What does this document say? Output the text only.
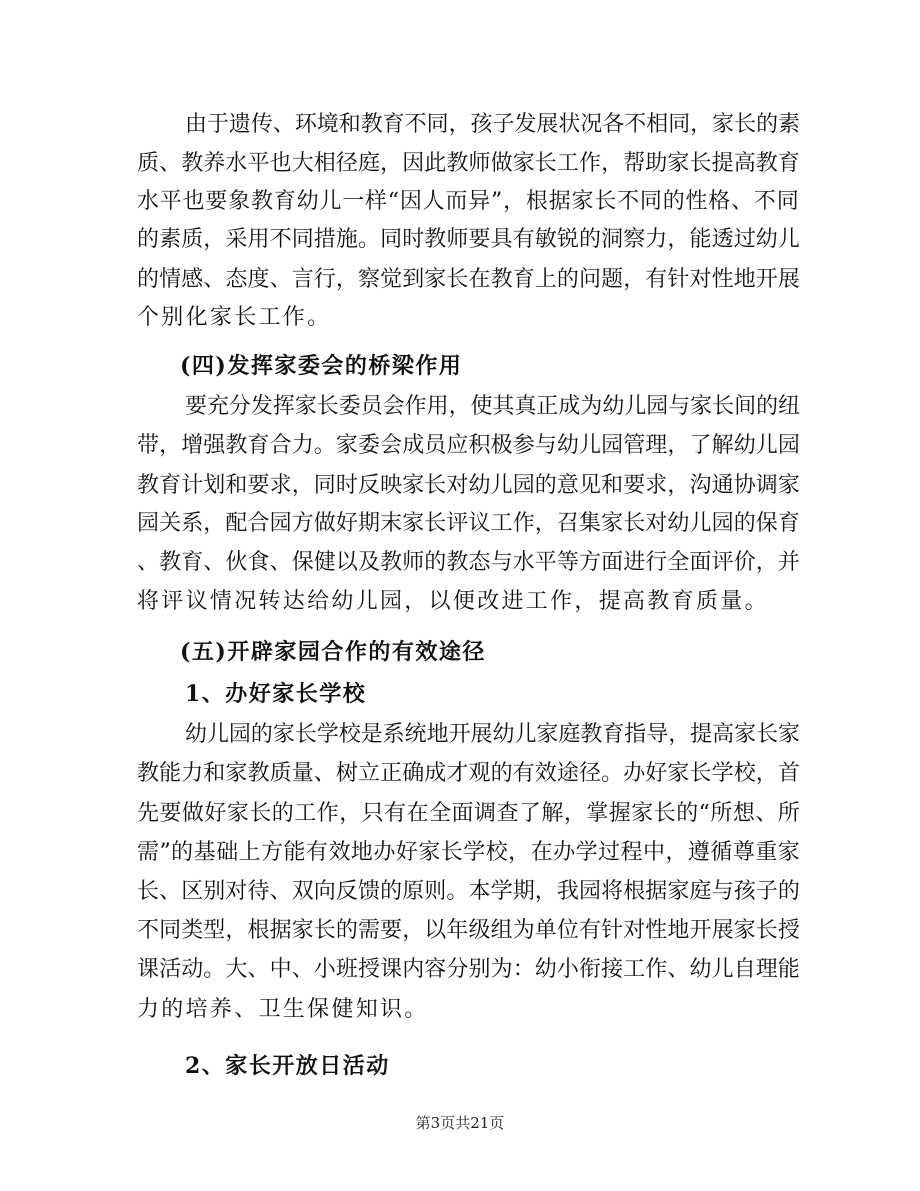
由于遗传、环境和教育不同，孩子发展状况各不相同，家长的素
质、教养水平也大相径庭，因此教师做家长工作，帮助家长提高教育
水平也要象教育幼儿一样“因人而异”，根据家长不同的性格、不同
的素质，采用不同措施。同时教师要具有敏锐的洞察力，能透过幼儿
的情感、态度、言行，察觉到家长在教育上的问题，有针对性地开展
个别化家长工作。
(四)发挥家委会的桥梁作用
要充分发挥家长委员会作用，使其真正成为幼儿园与家长间的纽
带，增强教育合力。家委会成员应积极参与幼儿园管理，了解幼儿园
教育计划和要求，同时反映家长对幼儿园的意见和要求，沟通协调家
园关系，配合园方做好期末家长评议工作，召集家长对幼儿园的保育
、教育、伙食、保健以及教师的教态与水平等方面进行全面评价，并
将评议情况转达给幼儿园，以便改进工作，提高教育质量。
(五)开辟家园合作的有效途径
1、办好家长学校
幼儿园的家长学校是系统地开展幼儿家庭教育指导，提高家长家
教能力和家教质量、树立正确成才观的有效途径。办好家长学校，首
先要做好家长的工作，只有在全面调查了解，掌握家长的“所想、所
需”的基础上方能有效地办好家长学校，在办学过程中，遵循尊重家
长、区别对待、双向反馈的原则。本学期，我园将根据家庭与孩子的
不同类型，根据家长的需要，以年级组为单位有针对性地开展家长授
课活动。大、中、小班授课内容分别为：幼小衔接工作、幼儿自理能
力的培养、卫生保健知识。
2、家长开放日活动
第3页共21页
